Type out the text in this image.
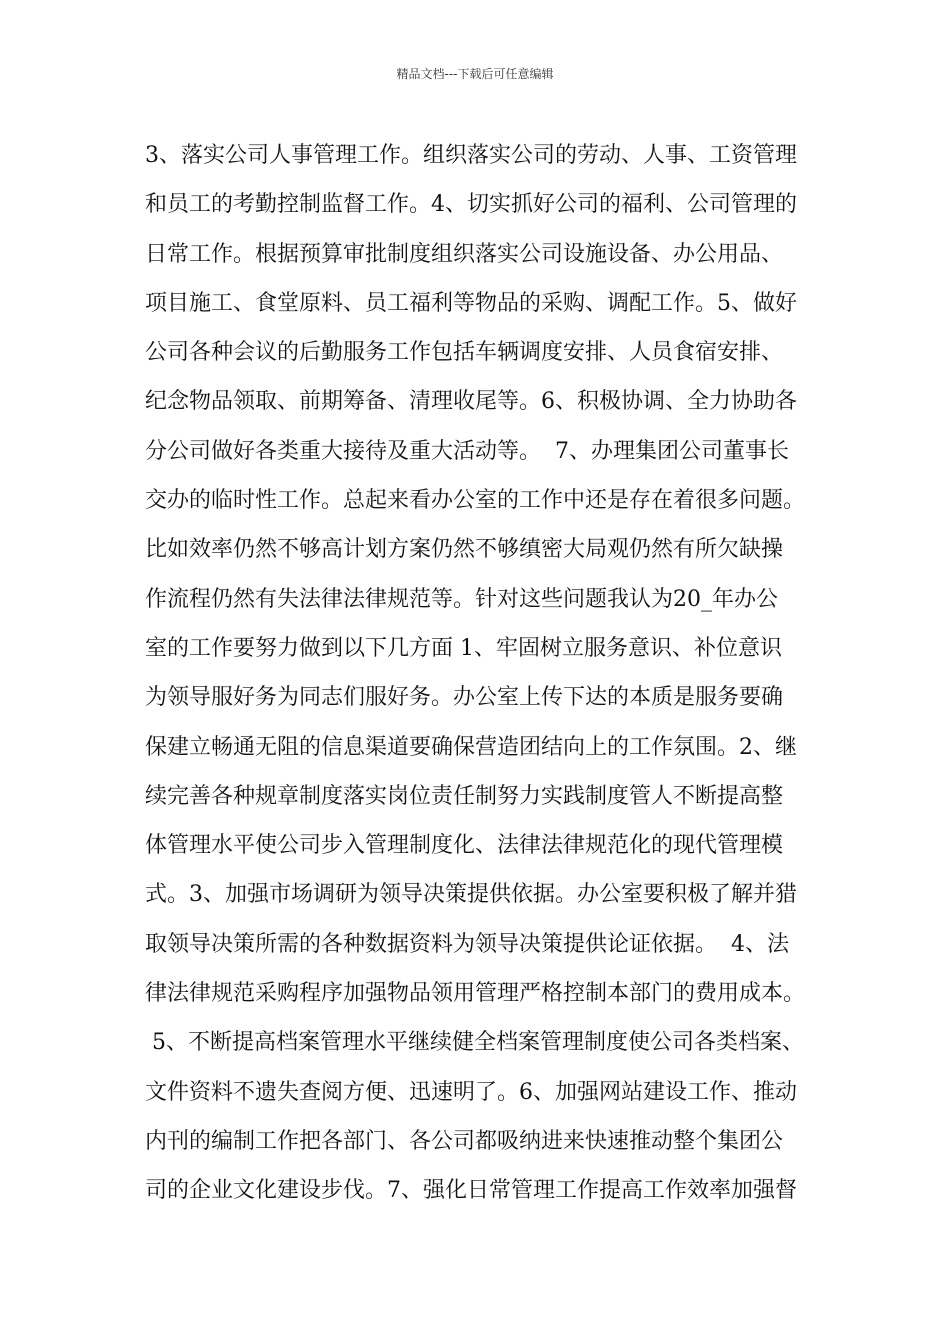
精品文档---下载后可任意编辑
3、落实公司人事管理工作。组织落实公司的劳动、人事、工资管理
和员工的考勤控制监督工作。4、切实抓好公司的福利、公司管理的
日常工作。根据预算审批制度组织落实公司设施设备、办公用品、
项目施工、食堂原料、员工福利等物品的采购、调配工作。5、做好
公司各种会议的后勤服务工作包括车辆调度安排、人员食宿安排、
纪念物品领取、前期筹备、清理收尾等。6、积极协调、全力协助各
分公司做好各类重大接待及重大活动等。  7、办理集团公司董事长
交办的临时性工作。总起来看办公室的工作中还是存在着很多问题。
比如效率仍然不够高计划方案仍然不够缜密大局观仍然有所欠缺操
作流程仍然有失法律法律规范等。针对这些问题我认为20_年办公
室的工作要努力做到以下几方面 1、牢固树立服务意识、补位意识
为领导服好务为同志们服好务。办公室上传下达的本质是服务要确
保建立畅通无阻的信息渠道要确保营造团结向上的工作氛围。2、继
续完善各种规章制度落实岗位责任制努力实践制度管人不断提高整
体管理水平使公司步入管理制度化、法律法律规范化的现代管理模
式。3、加强市场调研为领导决策提供依据。办公室要积极了解并猎
取领导决策所需的各种数据资料为领导决策提供论证依据。  4、法
律法律规范采购程序加强物品领用管理严格控制本部门的费用成本。
5、不断提高档案管理水平继续健全档案管理制度使公司各类档案、
文件资料不遗失查阅方便、迅速明了。6、加强网站建设工作、推动
内刊的编制工作把各部门、各公司都吸纳进来快速推动整个集团公
司的企业文化建设步伐。7、强化日常管理工作提高工作效率加强督
